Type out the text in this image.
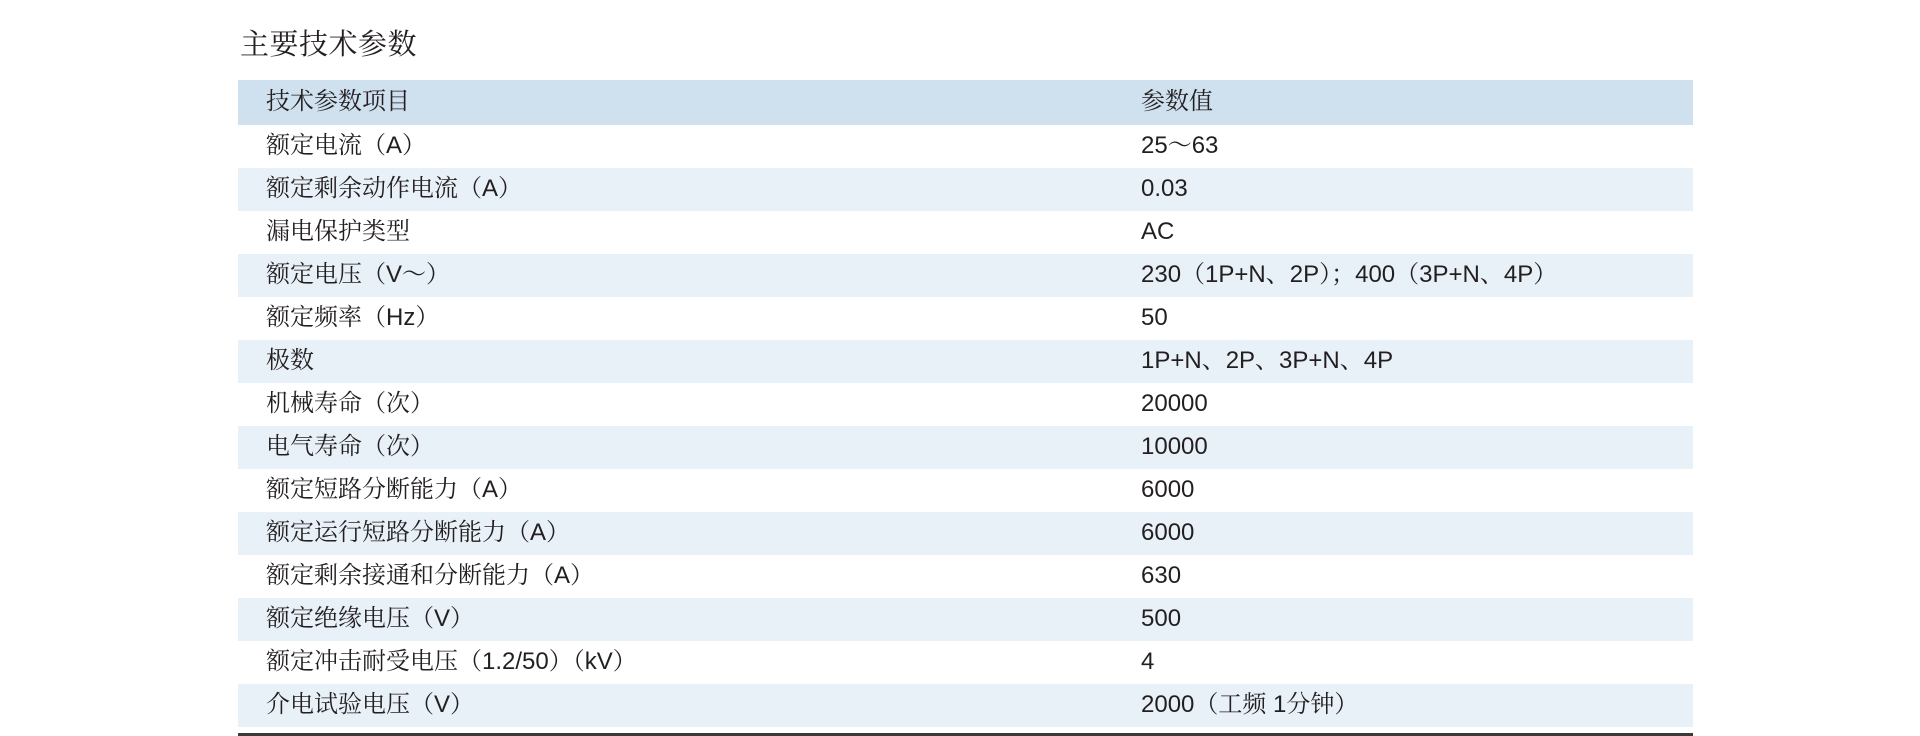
主要技术参数
技术参数项目	参数值
额定电流（A）	25～63
额定剩余动作电流（A）	0.03
漏电保护类型	AC
额定电压（V～）	230（1P+N、2P）；400（3P+N、4P）
额定频率（Hz）	50
极数	1P+N、2P、3P+N、4P
机械寿命（次）	20000
电气寿命（次）	10000
额定短路分断能力（A）	6000
额定运行短路分断能力（A）	6000
额定剩余接通和分断能力（A）	630
额定绝缘电压（V）	500
额定冲击耐受电压（1.2/50）（kV）	4
介电试验电压（V）	2000（工频 1分钟）
